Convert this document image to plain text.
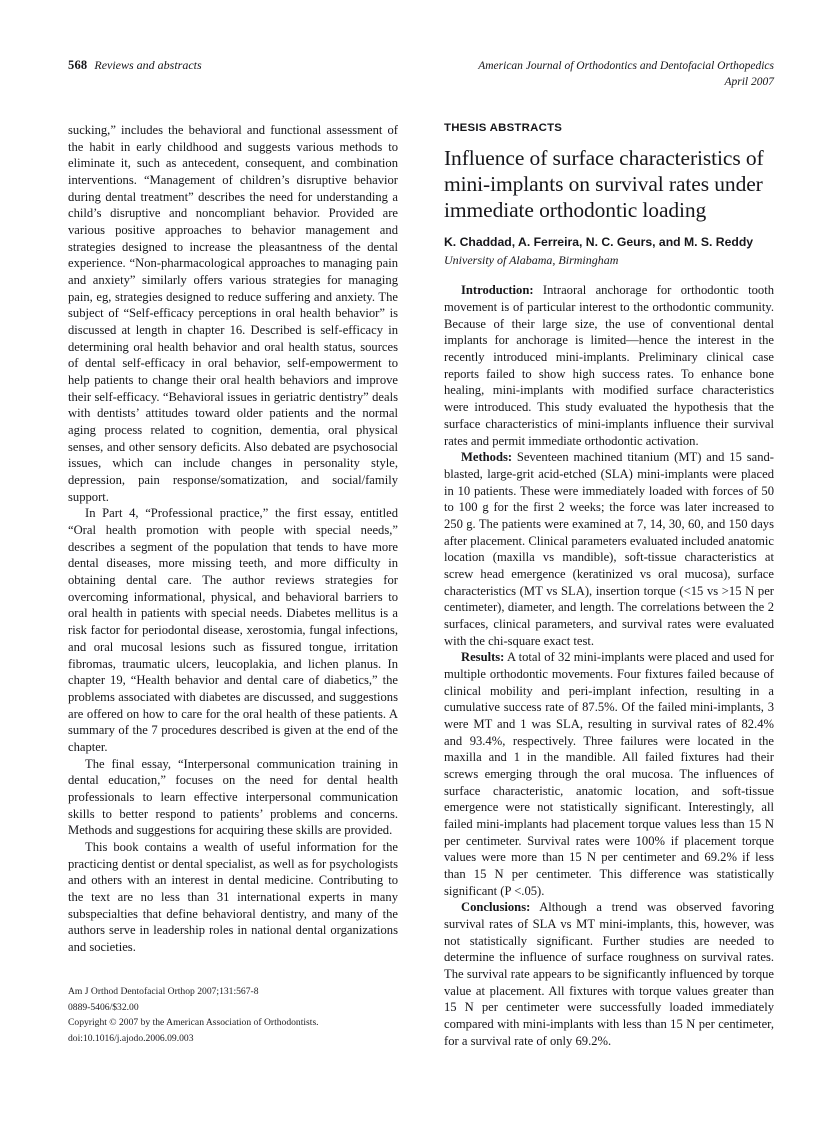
568 Reviews and abstracts	American Journal of Orthodontics and Dentofacial Orthopedics
April 2007

sucking,” includes the behavioral and functional assessment of the habit in early childhood and suggests various methods to eliminate it, such as antecedent, consequent, and combination interventions. “Management of children’s disruptive behavior during dental treatment” describes the need for understanding a child’s disruptive and noncompliant behavior. Provided are various positive approaches to behavior management and strategies designed to increase the pleasantness of the dental experience. “Non-pharmacological approaches to managing pain and anxiety” similarly offers various strategies for managing pain, eg, strategies designed to reduce suffering and anxiety. The subject of “Self-efficacy perceptions in oral health behavior” is discussed at length in chapter 16. Described is self-efficacy in determining oral health behavior and oral health status, sources of dental self-efficacy in oral behavior, self-empowerment to help patients to change their oral health behaviors and improve their self-efficacy. “Behavioral issues in geriatric dentistry” deals with dentists’ attitudes toward older patients and the normal aging process related to cognition, dementia, oral physical senses, and other sensory deficits. Also debated are psychosocial issues, which can include changes in personality style, depression, pain response/somatization, and social/family support.

In Part 4, “Professional practice,” the first essay, entitled “Oral health promotion with people with special needs,” describes a segment of the population that tends to have more dental diseases, more missing teeth, and more difficulty in obtaining dental care. The author reviews strategies for overcoming informational, physical, and behavioral barriers to oral health in patients with special needs. Diabetes mellitus is a risk factor for periodontal disease, xerostomia, fungal infections, and oral mucosal lesions such as fissured tongue, irritation fibromas, traumatic ulcers, leucoplakia, and lichen planus. In chapter 19, “Health behavior and dental care of diabetics,” the problems associated with diabetes are discussed, and suggestions are offered on how to care for the oral health of these patients. A summary of the 7 procedures described is given at the end of the chapter.

The final essay, “Interpersonal communication training in dental education,” focuses on the need for dental health professionals to learn effective interpersonal communication skills to better respond to patients’ problems and concerns. Methods and suggestions for acquiring these skills are provided.

This book contains a wealth of useful information for the practicing dentist or dental specialist, as well as for psychologists and others with an interest in dental medicine. Contributing to the text are no less than 31 international experts in many subspecialties that define behavioral dentistry, and many of the authors serve in leadership roles in national dental organizations and societies.

THESIS ABSTRACTS
Influence of surface characteristics of mini-implants on survival rates under immediate orthodontic loading
K. Chaddad, A. Ferreira, N. C. Geurs, and M. S. Reddy
University of Alabama, Birmingham

Introduction: Intraoral anchorage for orthodontic tooth movement is of particular interest to the orthodontic community. Because of their large size, the use of conventional dental implants for anchorage is limited—hence the interest in the recently introduced mini-implants. Preliminary clinical case reports failed to show high success rates. To enhance bone healing, mini-implants with modified surface characteristics were introduced. This study evaluated the hypothesis that the surface characteristics of mini-implants influence their survival rates and permit immediate orthodontic activation.

Methods: Seventeen machined titanium (MT) and 15 sand-blasted, large-grit acid-etched (SLA) mini-implants were placed in 10 patients. These were immediately loaded with forces of 50 to 100 g for the first 2 weeks; the force was later increased to 250 g. The patients were examined at 7, 14, 30, 60, and 150 days after placement. Clinical parameters evaluated included anatomic location (maxilla vs mandible), soft-tissue characteristics at screw head emergence (keratinized vs oral mucosa), surface characteristics (MT vs SLA), insertion torque (<15 vs >15 N per centimeter), diameter, and length. The correlations between the 2 surfaces, clinical parameters, and survival rates were evaluated with the chi-square exact test.

Results: A total of 32 mini-implants were placed and used for multiple orthodontic movements. Four fixtures failed because of clinical mobility and peri-implant infection, resulting in a cumulative success rate of 87.5%. Of the failed mini-implants, 3 were MT and 1 was SLA, resulting in survival rates of 82.4% and 93.4%, respectively. Three failures were located in the maxilla and 1 in the mandible. All failed fixtures had their screws emerging through the oral mucosa. The influences of surface characteristic, anatomic location, and soft-tissue emergence were not statistically significant. Interestingly, all failed mini-implants had placement torque values less than 15 N per centimeter. Survival rates were 100% if placement torque values were more than 15 N per centimeter and 69.2% if less than 15 N per centimeter. This difference was statistically significant (P <.05).

Conclusions: Although a trend was observed favoring survival rates of SLA vs MT mini-implants, this, however, was not statistically significant. Further studies are needed to determine the influence of surface roughness on survival rates. The survival rate appears to be significantly influenced by torque value at placement. All fixtures with torque values greater than 15 N per centimeter were successfully loaded immediately compared with mini-implants with less than 15 N per centimeter, for a survival rate of only 69.2%.

Am J Orthod Dentofacial Orthop 2007;131:567-8
0889-5406/$32.00
Copyright © 2007 by the American Association of Orthodontists.
doi:10.1016/j.ajodo.2006.09.003
